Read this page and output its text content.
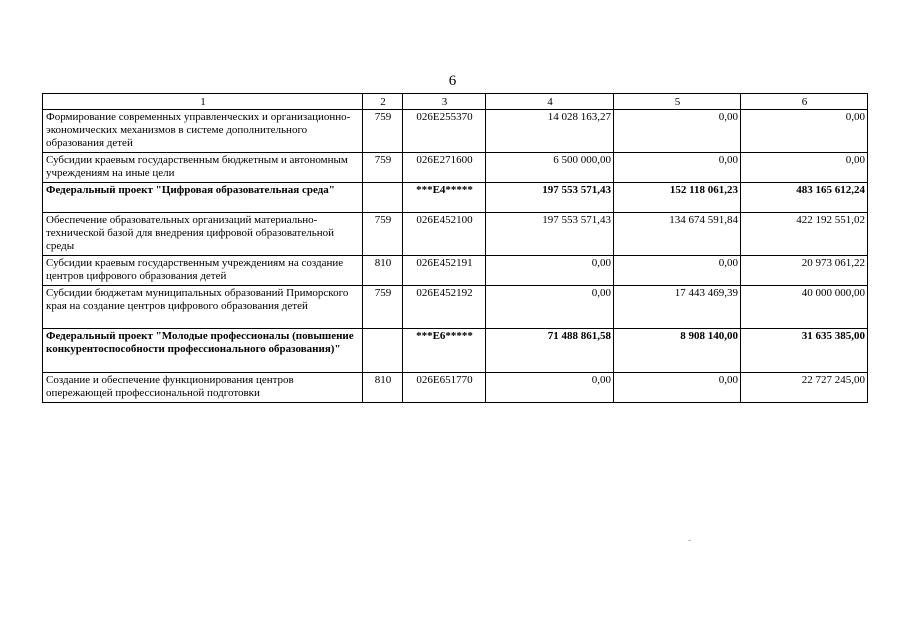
6
1	2	3	4	5	6
Формирование современных управленческих и организационно-экономических механизмов в системе дополнительного образования детей	759	026Е255370	14 028 163,27	0,00	0,00
Субсидии краевым государственным бюджетным и автономным учреждениям на иные цели	759	026Е271600	6 500 000,00	0,00	0,00
Федеральный проект "Цифровая образовательная среда"		***Е4*****	197 553 571,43	152 118 061,23	483 165 612,24
Обеспечение образовательных организаций материально-технической базой для внедрения цифровой образовательной среды	759	026Е452100	197 553 571,43	134 674 591,84	422 192 551,02
Субсидии краевым государственным учреждениям на создание центров цифрового образования детей	810	026Е452191	0,00	0,00	20 973 061,22
Субсидии бюджетам муниципальных образований Приморского края на создание центров цифрового образования детей	759	026Е452192	0,00	17 443 469,39	40 000 000,00
Федеральный проект "Молодые профессионалы (повышение конкурентоспособности профессионального образования)"		***Е6*****	71 488 861,58	8 908 140,00	31 635 385,00
Создание и обеспечение функционирования центров опережающей профессиональной подготовки	810	026Е651770	0,00	0,00	22 727 245,00
